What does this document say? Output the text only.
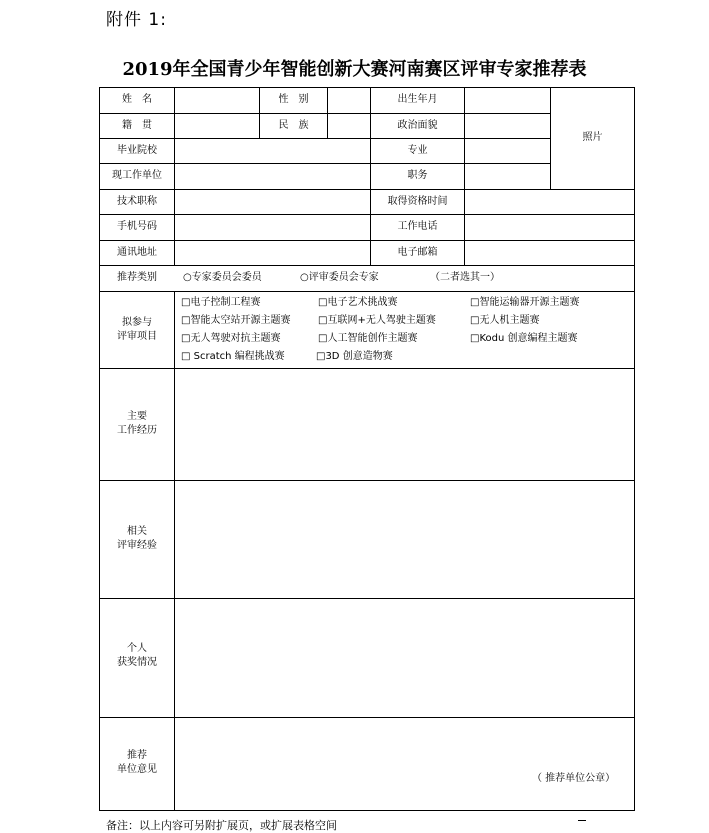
附件 1:
2019年全国青少年智能创新大赛河南赛区评审专家推荐表
姓　名	性　别	出生年月
照片
籍　贯	民　族	政治面貌
毕业院校	专业
现工作单位	职务
技术职称	取得资格时间
手机号码	工作电话
通讯地址	电子邮箱
推荐类别	○专家委员会委员	○评审委员会专家	（二者选其一）
拟参与
评审项目
□电子控制工程赛	□电子艺术挑战赛	□智能运输器开源主题赛
□智能太空站开源主题赛	□互联网+无人驾驶主题赛	□无人机主题赛
□无人驾驶对抗主题赛	□人工智能创作主题赛	□Kodu 创意编程主题赛
□ Scratch 编程挑战赛	□3D 创意造物赛
主要
工作经历
相关
评审经验
个人
获奖情况
推荐
单位意见
（ 推荐单位公章）
备注：以上内容可另附扩展页，或扩展表格空间
